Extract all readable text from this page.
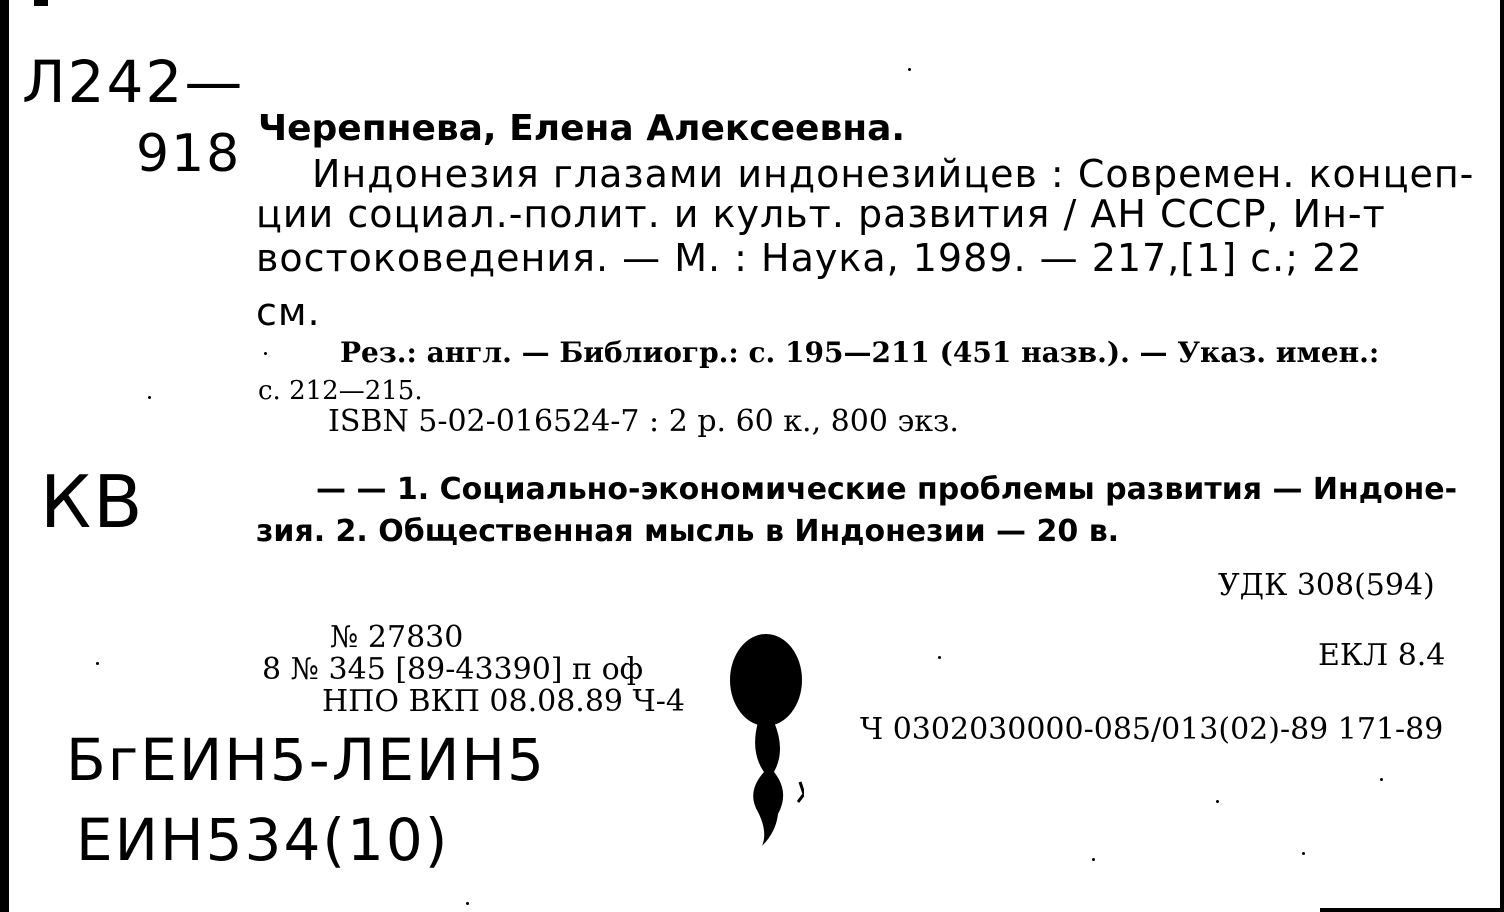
Л242—
918 Черепнева, Елена Алексеевна.
Индонезия глазами индонезийцев : Современ. концеп-
ции социал.-полит. и культ. развития / АН СССР, Ин-т
востоковедения. — М. : Наука, 1989. — 217,[1] с.; 22
см.
Рез.: англ. — Библиогр.: с. 195—211 (451 назв.). — Указ. имен.:
с. 212—215.
ISBN 5-02-016524-7 : 2 р. 60 к., 800 экз.
КВ	— — 1. Социально-экономические проблемы развития — Индоне-
зия. 2. Общественная мысль в Индонезии — 20 в.
УДК 308(594)
№ 27830
8 № 345 [89-43390] п оф
НПО ВКП 08.08.89 Ч-4
ЕКЛ 8.4
Ч 0302030000-085/013(02)-89 171-89
БгЕИН5-ЛЕИН5
ЕИН534(10)
